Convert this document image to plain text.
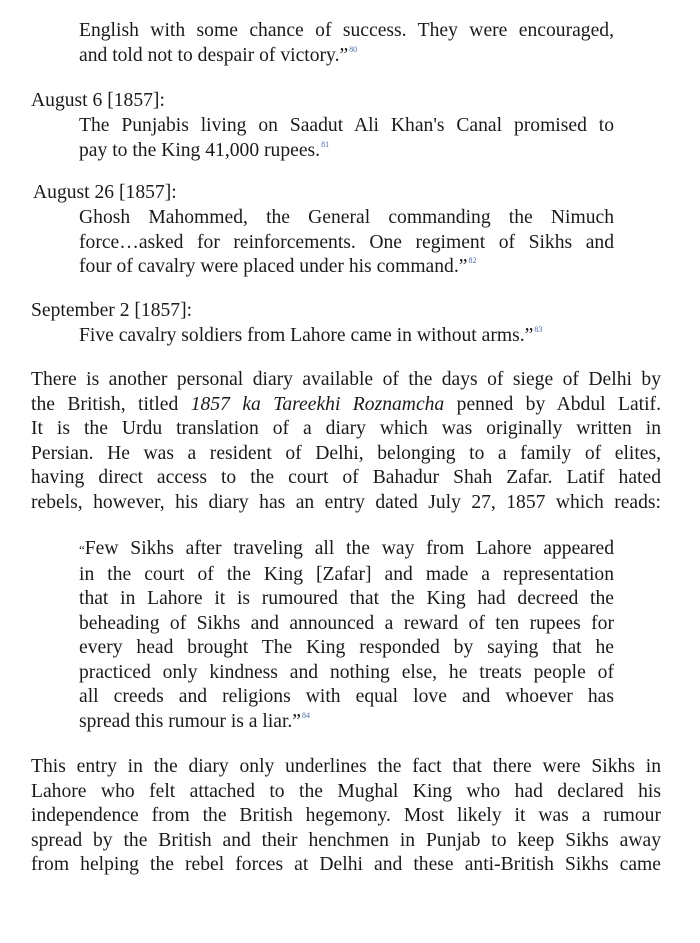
English with some chance of success. They were encouraged,
and told not to despair of victory.”$^{80}$
August 6 [1857]:
The Punjabis living on Saadut Ali Khan's Canal promised to
pay to the King 41,000 rupees.$^{81}$
August 26 [1857]:
Ghosh Mahommed, the General commanding the Nimuch
force…asked for reinforcements. One regiment of Sikhs and
four of cavalry were placed under his command.”$^{82}$
September 2 [1857]:
Five cavalry soldiers from Lahore came in without arms.”$^{83}$
There is another personal diary available of the days of siege of Delhi by
the British, titled 1857 ka Tareekhi Roznamcha penned by Abdul Latif.
It is the Urdu translation of a diary which was originally written in
Persian. He was a resident of Delhi, belonging to a family of elites,
having direct access to the court of Bahadur Shah Zafar. Latif hated
rebels, however, his diary has an entry dated July 27, 1857 which reads:
“Few Sikhs after traveling all the way from Lahore appeared
in the court of the King [Zafar] and made a representation
that in Lahore it is rumoured that the King had decreed the
beheading of Sikhs and announced a reward of ten rupees for
every head brought The King responded by saying that he
practiced only kindness and nothing else, he treats people of
all creeds and religions with equal love and whoever has
spread this rumour is a liar.”$^{84}$
This entry in the diary only underlines the fact that there were Sikhs in
Lahore who felt attached to the Mughal King who had declared his
independence from the British hegemony. Most likely it was a rumour
spread by the British and their henchmen in Punjab to keep Sikhs away
from helping the rebel forces at Delhi and these anti-British Sikhs came
